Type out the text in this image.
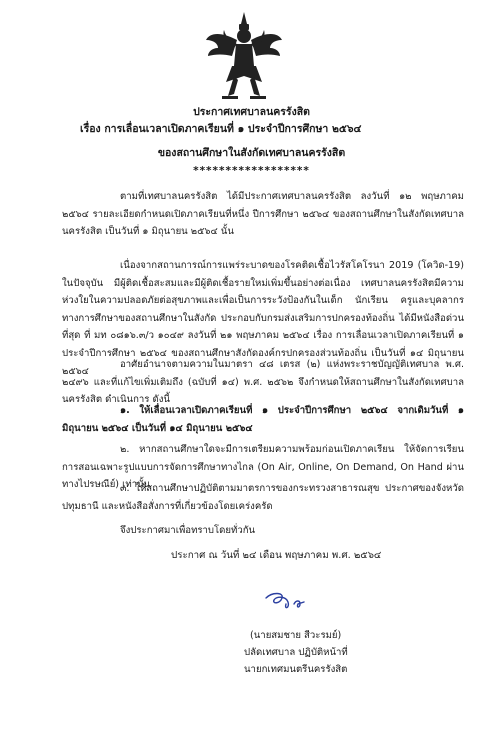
ประกาศเทศบาลนครรังสิต
เรื่อง การเลื่อนเวลาเปิดภาคเรียนที่ ๑ ประจำปีการศึกษา ๒๕๖๔
ของสถานศึกษาในสังกัดเทศบาลนครรังสิต
******************
ตามที่เทศบาลนครรังสิต ได้มีประกาศเทศบาลนครรังสิต ลงวันที่ ๑๒ พฤษภาคม ๒๕๖๔ รายละเอียดกำหนดเปิดภาคเรียนที่หนึ่ง ปีการศึกษา ๒๕๖๔ ของสถานศึกษาในสังกัดเทศบาลนครรังสิต เป็นวันที่ ๑ มิถุนายน ๒๕๖๔ นั้น
เนื่องจากสถานการณ์การแพร่ระบาดของโรคติดเชื้อไวรัสโคโรนา 2019 (โควิด-19) ในปัจจุบัน มีผู้ติดเชื้อสะสมและมีผู้ติดเชื้อรายใหม่เพิ่มขึ้นอย่างต่อเนื่อง เทศบาลนครรังสิตมีความห่วงใยในความปลอดภัยต่อสุขภาพและเพื่อเป็นการระวังป้องกันในเด็ก นักเรียน ครูและบุคลากรทางการศึกษาของสถานศึกษาในสังกัด ประกอบกับกรมส่งเสริมการปกครองท้องถิ่น ได้มีหนังสือด่วนที่สุด ที่ มท ๐๘๑๖.๓/ว ๑๐๔๙ ลงวันที่ ๒๑ พฤษภาคม ๒๕๖๔ เรื่อง การเลื่อนเวลาเปิดภาคเรียนที่ ๑ ประจำปีการศึกษา ๒๕๖๔ ของสถานศึกษาสังกัดองค์กรปกครองส่วนท้องถิ่น เป็นวันที่ ๑๔ มิถุนายน ๒๕๖๔
อาศัยอำนาจตามความในมาตรา ๔๘ เตรส (๒) แห่งพระราชบัญญัติเทศบาล พ.ศ. ๒๔๙๖ และที่แก้ไขเพิ่มเติมถึง (ฉบับที่ ๑๔) พ.ศ. ๒๕๖๒ จึงกำหนดให้สถานศึกษาในสังกัดเทศบาลนครรังสิต ดำเนินการ ดังนี้
๑. ให้เลื่อนเวลาเปิดภาคเรียนที่ ๑ ประจำปีการศึกษา ๒๕๖๔ จากเดิมวันที่ ๑ มิถุนายน ๒๕๖๔ เป็นวันที่ ๑๔ มิถุนายน ๒๕๖๔
๒. หากสถานศึกษาใดจะมีการเตรียมความพร้อมก่อนเปิดภาคเรียน ให้จัดการเรียนการสอนเฉพาะรูปแบบการจัดการศึกษาทางไกล (On Air, Online, On Demand, On Hand ผ่านทางไปรษณีย์) เท่านั้น
๓. ให้สถานศึกษาปฏิบัติตามมาตรการของกระทรวงสาธารณสุข ประกาศของจังหวัดปทุมธานี และหนังสือสั่งการที่เกี่ยวข้องโดยเคร่งครัด
จึงประกาศมาเพื่อทราบโดยทั่วกัน
ประกาศ ณ วันที่ ๒๔ เดือน พฤษภาคม พ.ศ. ๒๕๖๔
(นายสมชาย สีวะรมย์)
ปลัดเทศบาล ปฏิบัติหน้าที่
นายกเทศมนตรีนครรังสิต
